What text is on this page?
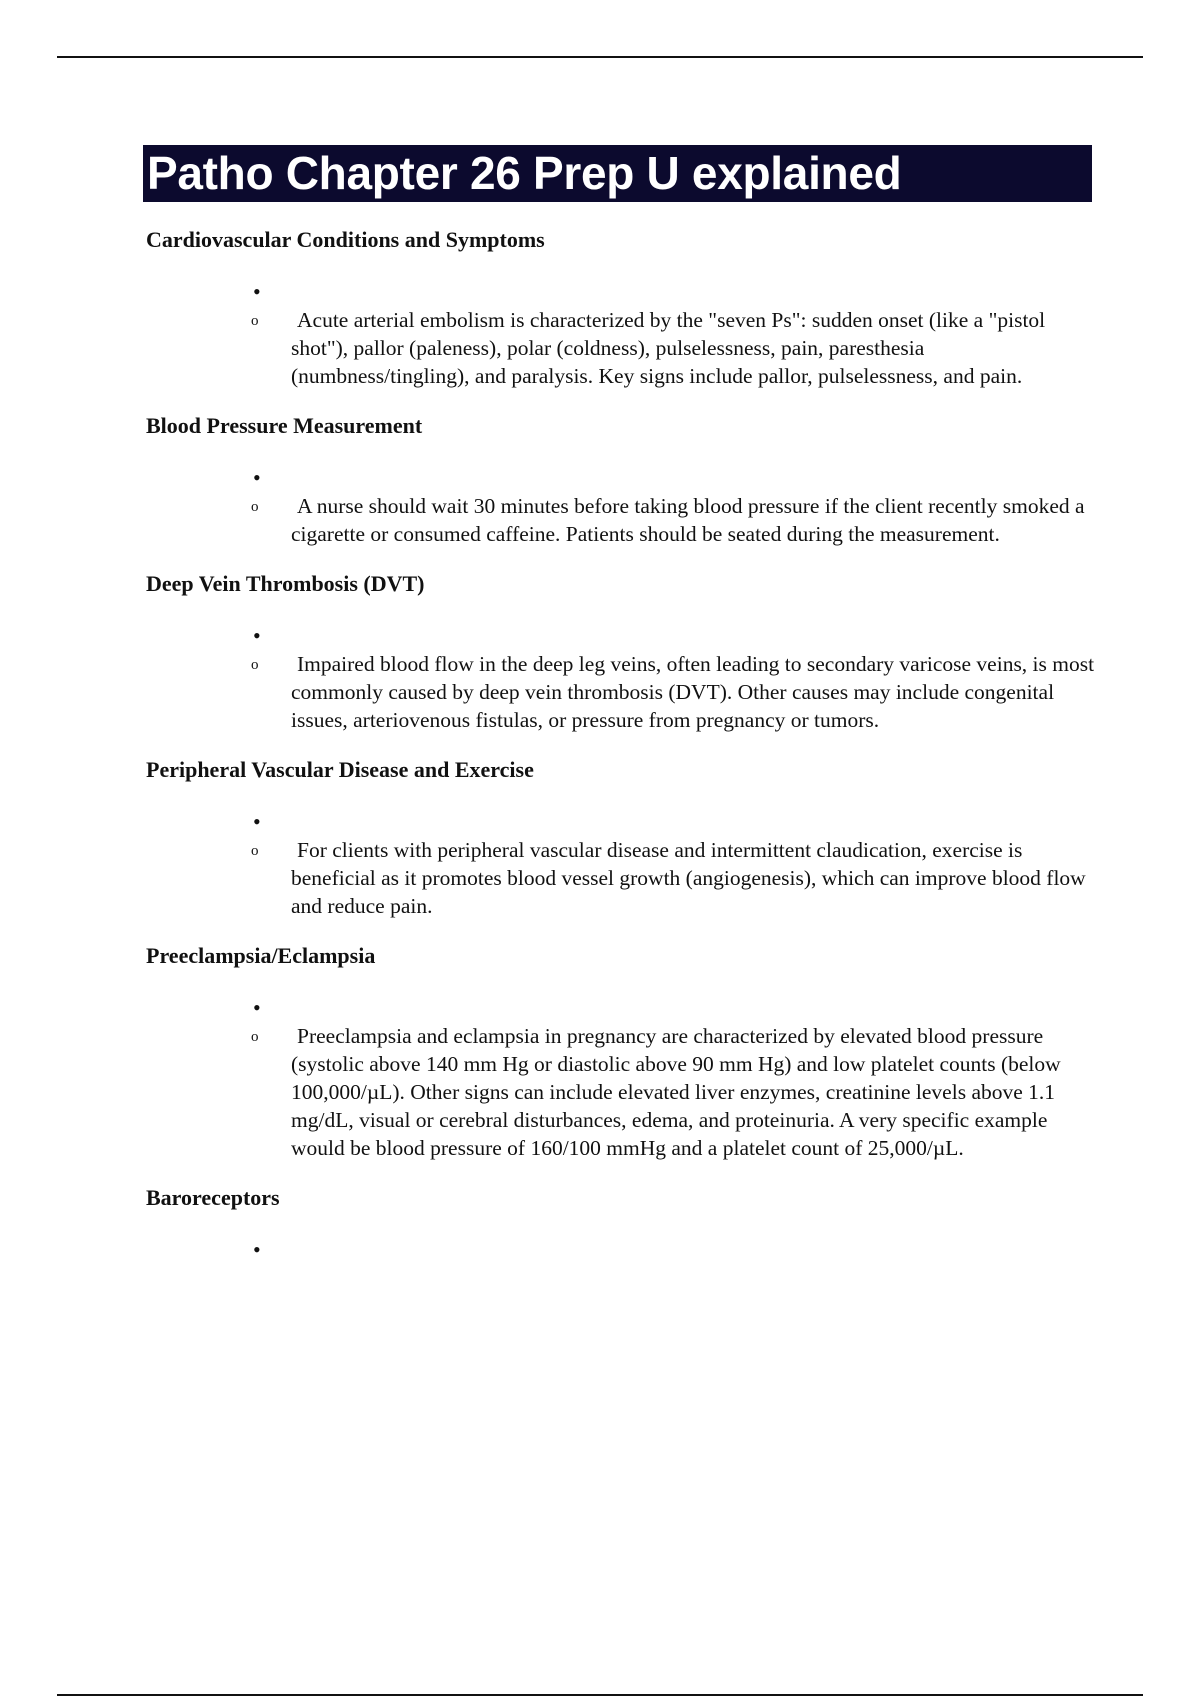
Patho Chapter 26 Prep U explained

Cardiovascular Conditions and Symptoms

•
o Acute arterial embolism is characterized by the "seven Ps": sudden onset (like a "pistol shot"), pallor (paleness), polar (coldness), pulselessness, pain, paresthesia (numbness/tingling), and paralysis. Key signs include pallor, pulselessness, and pain.

Blood Pressure Measurement

•
o A nurse should wait 30 minutes before taking blood pressure if the client recently smoked a cigarette or consumed caffeine. Patients should be seated during the measurement.

Deep Vein Thrombosis (DVT)

•
o Impaired blood flow in the deep leg veins, often leading to secondary varicose veins, is most commonly caused by deep vein thrombosis (DVT). Other causes may include congenital issues, arteriovenous fistulas, or pressure from pregnancy or tumors.

Peripheral Vascular Disease and Exercise

•
o For clients with peripheral vascular disease and intermittent claudication, exercise is beneficial as it promotes blood vessel growth (angiogenesis), which can improve blood flow and reduce pain.

Preeclampsia/Eclampsia

•
o Preeclampsia and eclampsia in pregnancy are characterized by elevated blood pressure (systolic above 140 mm Hg or diastolic above 90 mm Hg) and low platelet counts (below 100,000/µL). Other signs can include elevated liver enzymes, creatinine levels above 1.1 mg/dL, visual or cerebral disturbances, edema, and proteinuria. A very specific example would be blood pressure of 160/100 mmHg and a platelet count of 25,000/µL.

Baroreceptors

•
